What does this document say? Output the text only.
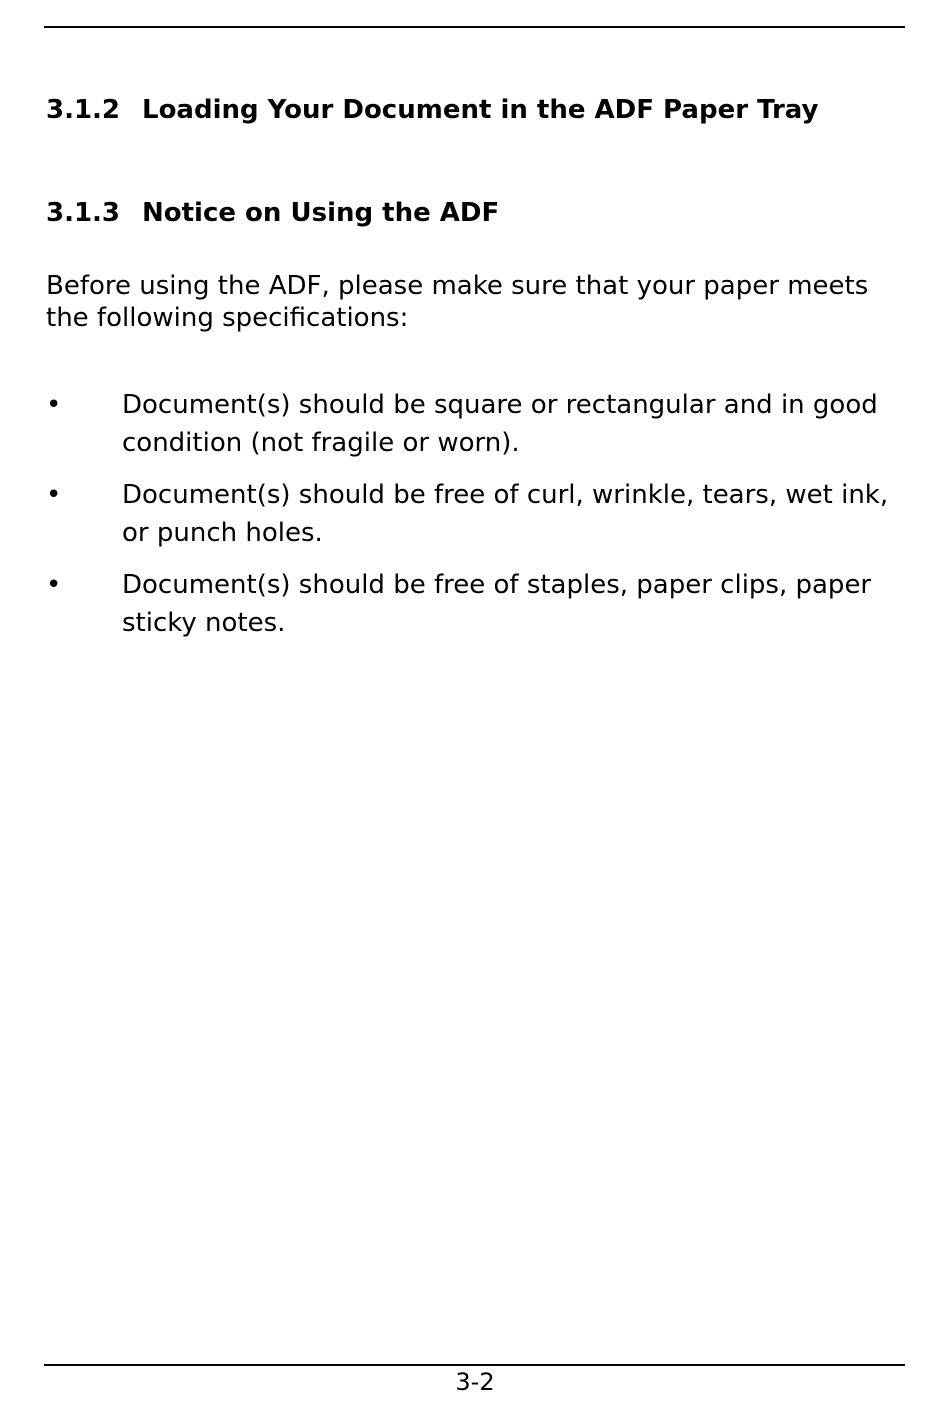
3.1.2 Loading Your Document in the ADF Paper Tray
3.1.3 Notice on Using the ADF

Before using the ADF, please make sure that your paper meets the following specifications:

• Document(s) should be square or rectangular and in good condition (not fragile or worn).
• Document(s) should be free of curl, wrinkle, tears, wet ink, or punch holes.
• Document(s) should be free of staples, paper clips, paper sticky notes.
3-2
